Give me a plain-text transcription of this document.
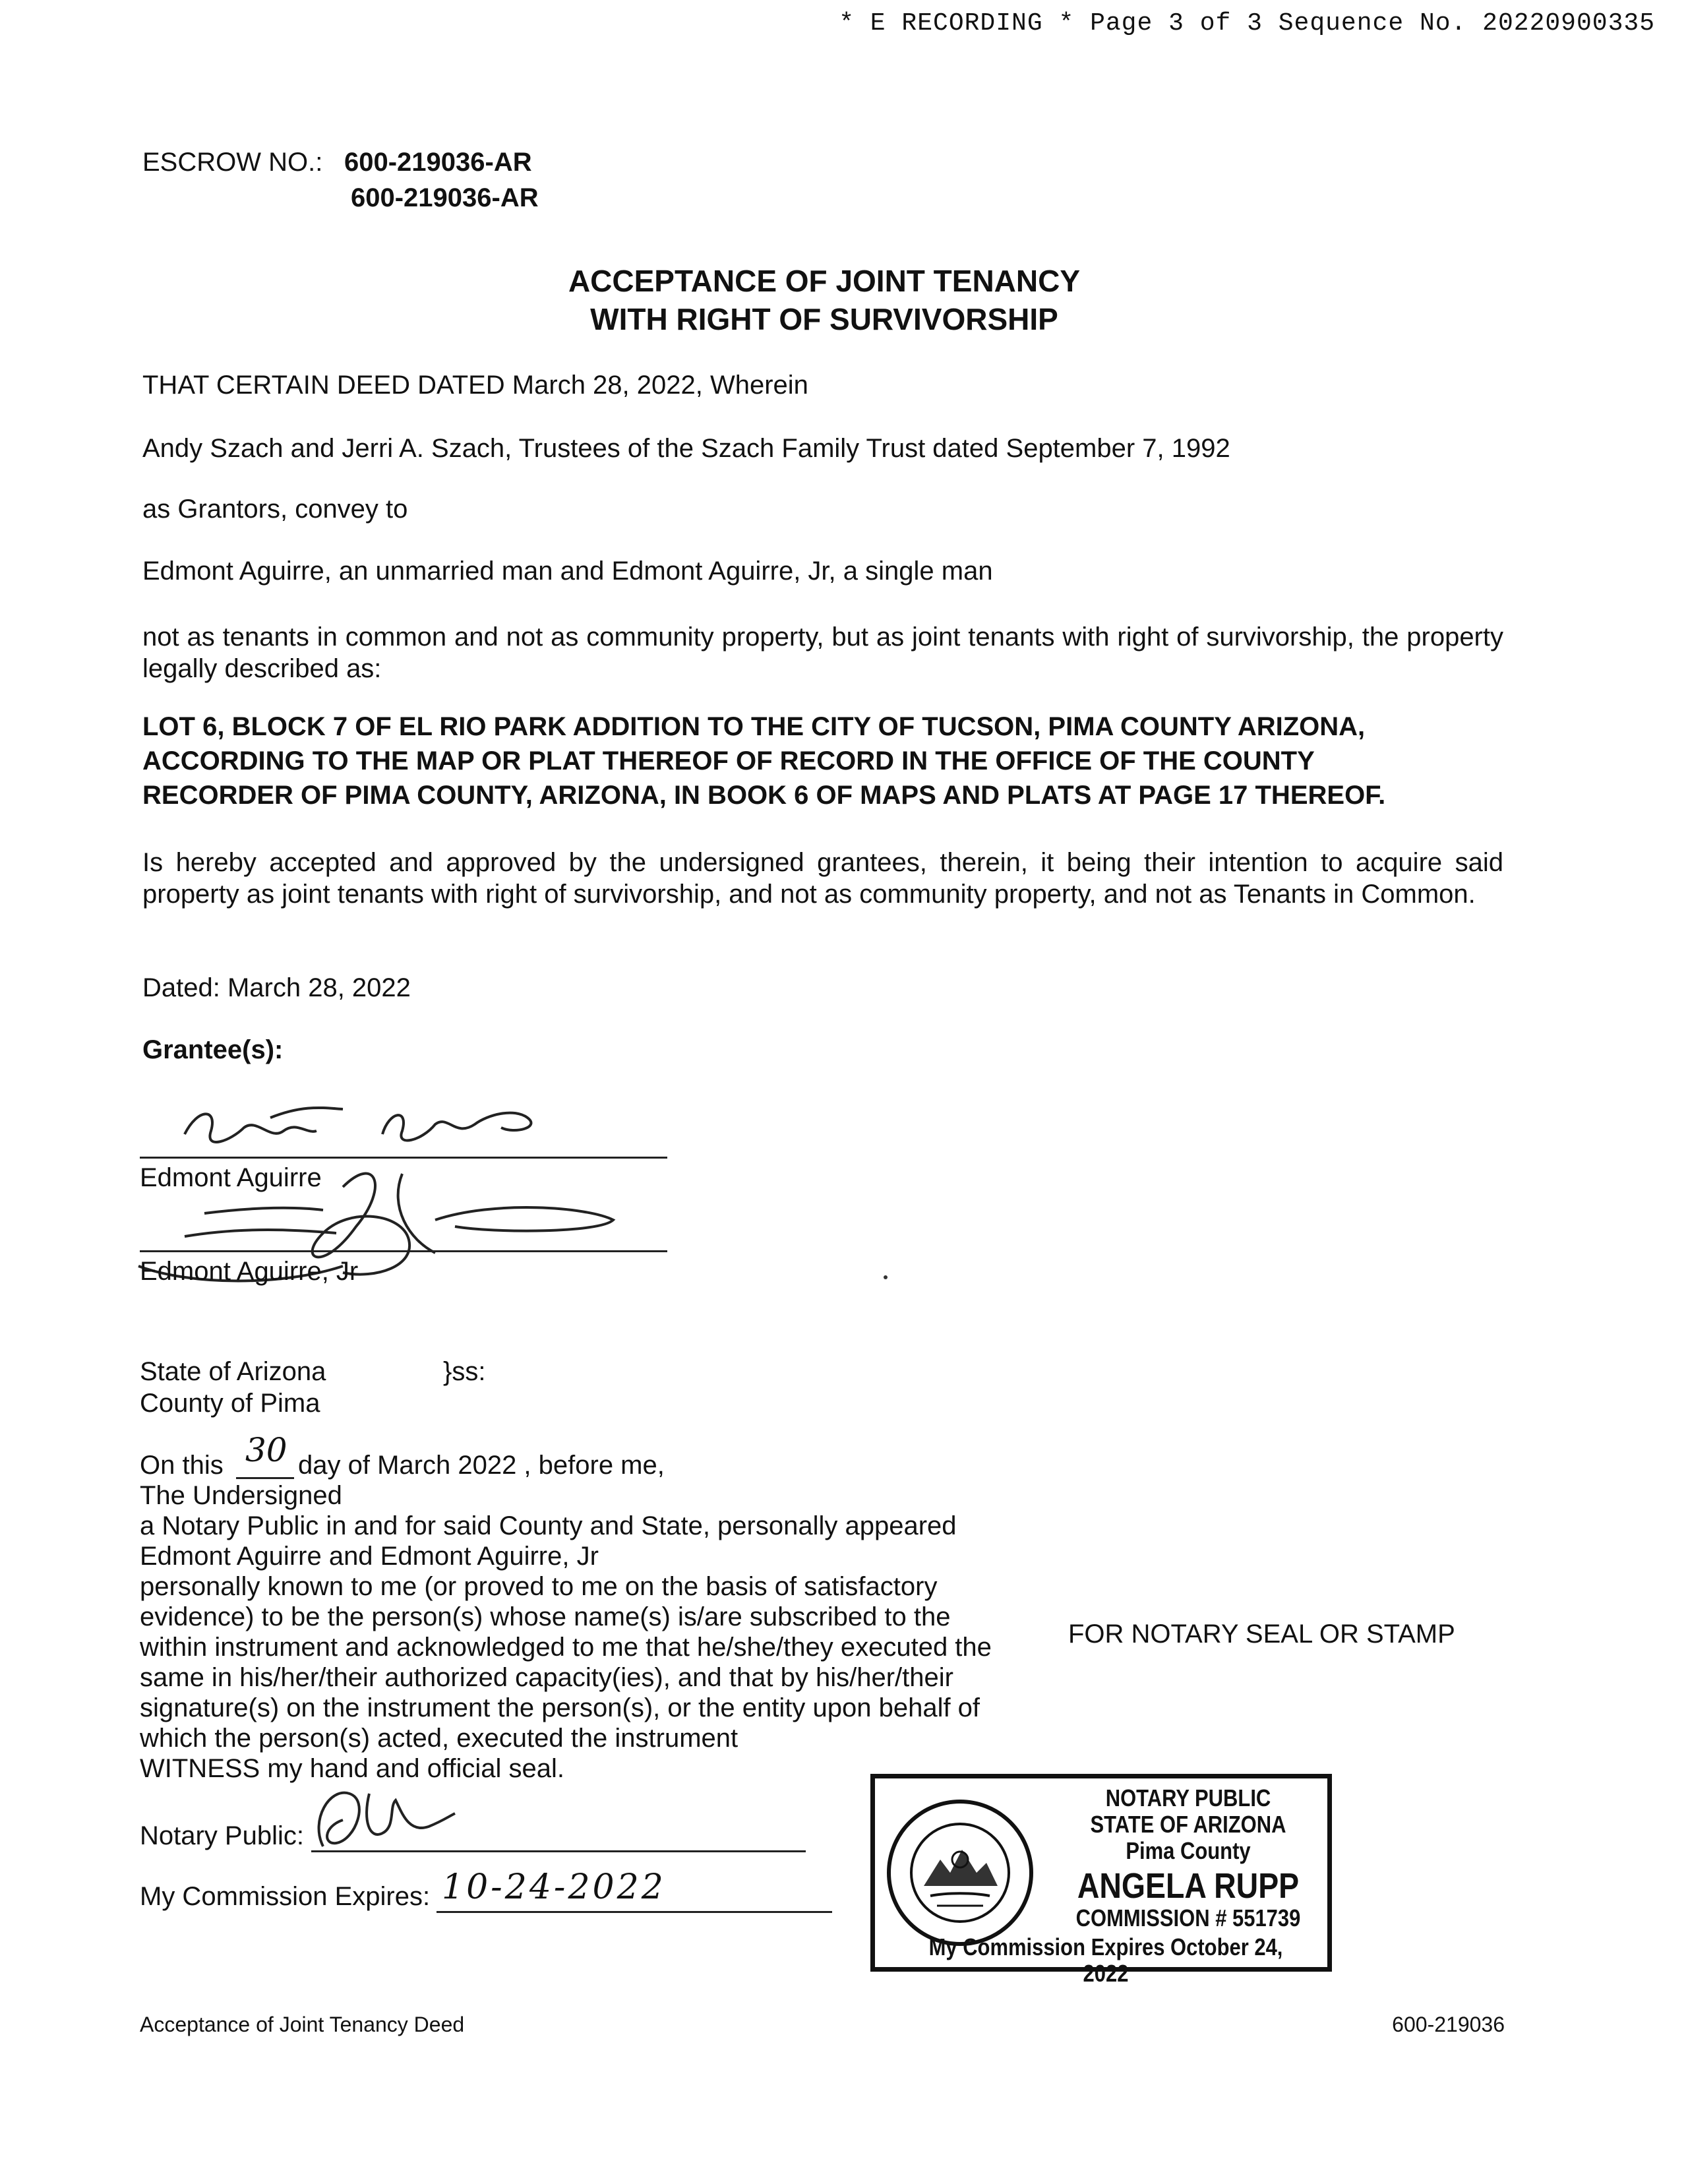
* E RECORDING * Page 3 of 3 Sequence No. 20220900335
ESCROW NO.: 600-219036-AR
600-219036-AR
ACCEPTANCE OF JOINT TENANCY
WITH RIGHT OF SURVIVORSHIP
THAT CERTAIN DEED DATED March 28, 2022, Wherein
Andy Szach and Jerri A. Szach, Trustees of the Szach Family Trust dated September 7, 1992
as Grantors, convey to
Edmont Aguirre, an unmarried man and Edmont Aguirre, Jr, a single man
not as tenants in common and not as community property, but as joint tenants with right of survivorship, the property legally described as:
LOT 6, BLOCK 7 OF EL RIO PARK ADDITION TO THE CITY OF TUCSON, PIMA COUNTY ARIZONA,
ACCORDING TO THE MAP OR PLAT THEREOF OF RECORD IN THE OFFICE OF THE COUNTY
RECORDER OF PIMA COUNTY, ARIZONA, IN BOOK 6 OF MAPS AND PLATS AT PAGE 17 THEREOF.
Is hereby accepted and approved by the undersigned grantees, therein, it being their intention to acquire said property as joint tenants with right of survivorship, and not as community property, and not as Tenants in Common.
Dated: March 28, 2022
Grantee(s):
Edmont Aguirre
Edmont Aguirre, Jr
State of Arizona	}ss:
County of Pima
On this 30 day of March 2022 , before me,
The Undersigned
a Notary Public in and for said County and State, personally appeared
Edmont Aguirre and Edmont Aguirre, Jr
personally known to me (or proved to me on the basis of satisfactory
evidence) to be the person(s) whose name(s) is/are subscribed to the
within instrument and acknowledged to me that he/she/they executed the
same in his/her/their authorized capacity(ies), and that by his/her/their
signature(s) on the instrument the person(s), or the entity upon behalf of
which the person(s) acted, executed the instrument
WITNESS my hand and official seal.
FOR NOTARY SEAL OR STAMP
Notary Public:
My Commission Expires: 10-24-2022
NOTARY PUBLIC
STATE OF ARIZONA
Pima County
ANGELA RUPP
COMMISSION # 551739
My Commission Expires October 24, 2022
Acceptance of Joint Tenancy Deed	600-219036
